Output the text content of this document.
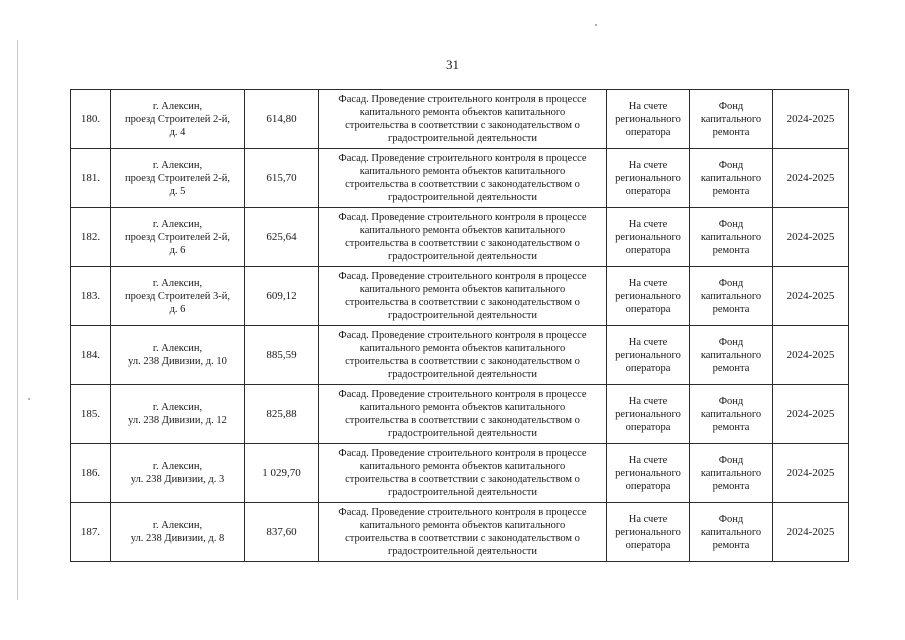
31
180.	г. Алексин,
проезд Строителей 2-й,
д. 4	614,80	Фасад. Проведение строительного контроля в процессе
капитального ремонта объектов капитального
строительства в соответствии с законодательством о
градостроительной деятельности	На счете
регионального
оператора	Фонд
капитального
ремонта	2024-2025

181.	г. Алексин,
проезд Строителей 2-й,
д. 5	615,70	Фасад. Проведение строительного контроля в процессе
капитального ремонта объектов капитального
строительства в соответствии с законодательством о
градостроительной деятельности	На счете
регионального
оператора	Фонд
капитального
ремонта	2024-2025

182.	г. Алексин,
проезд Строителей 2-й,
д. 6	625,64	Фасад. Проведение строительного контроля в процессе
капитального ремонта объектов капитального
строительства в соответствии с законодательством о
градостроительной деятельности	На счете
регионального
оператора	Фонд
капитального
ремонта	2024-2025

183.	г. Алексин,
проезд Строителей 3-й,
д. 6	609,12	Фасад. Проведение строительного контроля в процессе
капитального ремонта объектов капитального
строительства в соответствии с законодательством о
градостроительной деятельности	На счете
регионального
оператора	Фонд
капитального
ремонта	2024-2025

184.	г. Алексин,
ул. 238 Дивизии, д. 10	885,59	Фасад. Проведение строительного контроля в процессе
капитального ремонта объектов капитального
строительства в соответствии с законодательством о
градостроительной деятельности	На счете
регионального
оператора	Фонд
капитального
ремонта	2024-2025

185.	г. Алексин,
ул. 238 Дивизии, д. 12	825,88	Фасад. Проведение строительного контроля в процессе
капитального ремонта объектов капитального
строительства в соответствии с законодательством о
градостроительной деятельности	На счете
регионального
оператора	Фонд
капитального
ремонта	2024-2025

186.	г. Алексин,
ул. 238 Дивизии, д. 3	1 029,70	Фасад. Проведение строительного контроля в процессе
капитального ремонта объектов капитального
строительства в соответствии с законодательством о
градостроительной деятельности	На счете
регионального
оператора	Фонд
капитального
ремонта	2024-2025

187.	г. Алексин,
ул. 238 Дивизии, д. 8	837,60	Фасад. Проведение строительного контроля в процессе
капитального ремонта объектов капитального
строительства в соответствии с законодательством о
градостроительной деятельности	На счете
регионального
оператора	Фонд
капитального
ремонта	2024-2025
